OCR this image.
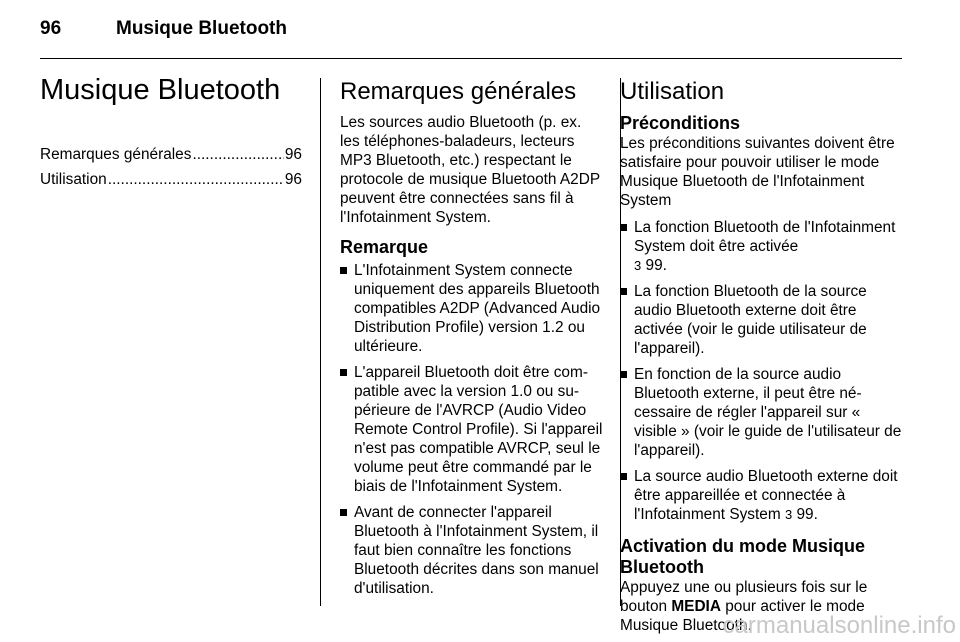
96	Musique Bluetooth
Musique Bluetooth
Remarques générales .....	96
Utilisation .....	96
Remarques générales

Les sources audio Bluetooth (p. ex. les téléphones-baladeurs, lecteurs MP3 Bluetooth, etc.) respectant le protocole de musique Bluetooth A2DP peuvent être connectées sans fil à l'Infotainment System.

Remarque
L'Infotainment System connecte uniquement des appareils Bluetooth compatibles A2DP (Advanced Audio Distribution Profile) version 1.2 ou ultérieure.
L'appareil Bluetooth doit être compatible avec la version 1.0 ou supérieure de l'AVRCP (Audio Video Remote Control Profile). Si l'appareil n'est pas compatible AVRCP, seul le volume peut être commandé par le biais de l'Infotainment System.
Avant de connecter l'appareil Bluetooth à l'Infotainment System, il faut bien connaître les fonctions Bluetooth décrites dans son manuel d'utilisation.
Utilisation
Préconditions

Les préconditions suivantes doivent être satisfaire pour pouvoir utiliser le mode Musique Bluetooth de l'Infotainment System

La fonction Bluetooth de l'Infotainment System doit être activée
3 99.
La fonction Bluetooth de la source audio Bluetooth externe doit être activée (voir le guide utilisateur de l'appareil).
En fonction de la source audio Bluetooth externe, il peut être nécessaire de régler l'appareil sur « visible » (voir le guide de l'utilisateur de l'appareil).
La source audio Bluetooth externe doit être appareillée et connectée à l'Infotainment System 3 99.
Activation du mode Musique Bluetooth

Appuyez une ou plusieurs fois sur le bouton MEDIA pour activer le mode Musique Bluetooth.

carmanualsonline.info
